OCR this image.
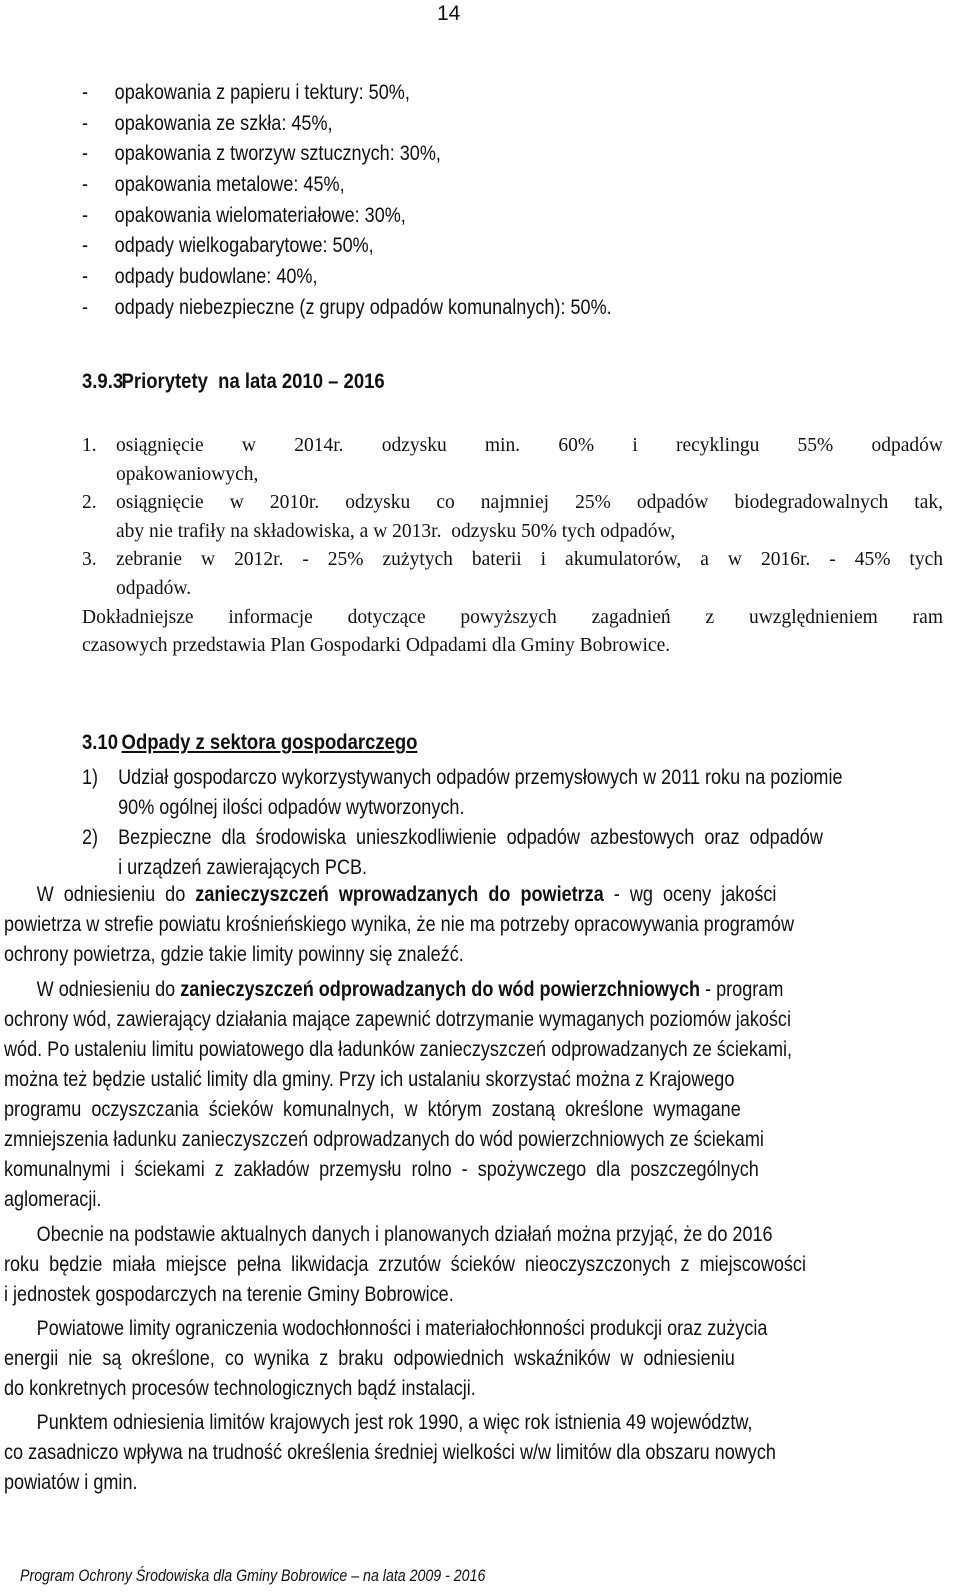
14
-	opakowania z papieru i tektury: 50%,
-	opakowania ze szkła: 45%,
-	opakowania z tworzyw sztucznych: 30%,
-	opakowania metalowe: 45%,
-	opakowania wielomateriałowe: 30%,
-	odpady wielkogabarytowe: 50%,
-	odpady budowlane: 40%,
-	odpady niebezpieczne (z grupy odpadów komunalnych): 50%.
3.9.3Priorytety  na lata 2010 – 2016
1. osiągnięcie w 2014r. odzysku min. 60% i recyklingu 55% odpadów
opakowaniowych,
2. osiągnięcie w 2010r. odzysku co najmniej 25% odpadów biodegradowalnych tak,
aby nie trafiły na składowiska, a w 2013r.  odzysku 50% tych odpadów,
3. zebranie w 2012r. - 25% zużytych baterii i akumulatorów, a w 2016r. - 45% tych
odpadów.
Dokładniejsze informacje dotyczące powyższych zagadnień z uwzględnieniem ram
czasowych przedstawia Plan Gospodarki Odpadami dla Gminy Bobrowice.
3.10 Odpady z sektora gospodarczego
1) Udział gospodarczo wykorzystywanych odpadów przemysłowych w 2011 roku na poziomie
90% ogólnej ilości odpadów wytworzonych.
2) Bezpieczne  dla  środowiska  unieszkodliwienie  odpadów  azbestowych  oraz  odpadów
i urządzeń zawierających PCB.
W  odniesieniu  do  zanieczyszczeń  wprowadzanych  do  powietrza  -  wg  oceny  jakości
powietrza w strefie powiatu krośnieńskiego wynika, że nie ma potrzeby opracowywania programów
ochrony powietrza, gdzie takie limity powinny się znaleźć.
W odniesieniu do zanieczyszczeń odprowadzanych do wód powierzchniowych - program
ochrony wód, zawierający działania mające zapewnić dotrzymanie wymaganych poziomów jakości
wód. Po ustaleniu limitu powiatowego dla ładunków zanieczyszczeń odprowadzanych ze ściekami,
można też będzie ustalić limity dla gminy. Przy ich ustalaniu skorzystać można z Krajowego
programu  oczyszczania  ścieków  komunalnych,  w  którym  zostaną  określone  wymagane
zmniejszenia ładunku zanieczyszczeń odprowadzanych do wód powierzchniowych ze ściekami
komunalnymi  i  ściekami  z  zakładów  przemysłu  rolno  -  spożywczego  dla  poszczególnych
aglomeracji.
Obecnie na podstawie aktualnych danych i planowanych działań można przyjąć, że do 2016
roku  będzie  miała  miejsce  pełna  likwidacja  zrzutów  ścieków  nieoczyszczonych  z  miejscowości
i jednostek gospodarczych na terenie Gminy Bobrowice.
Powiatowe limity ograniczenia wodochłonności i materiałochłonności produkcji oraz zużycia
energii  nie  są  określone,  co  wynika  z  braku  odpowiednich  wskaźników  w  odniesieniu
do konkretnych procesów technologicznych bądź instalacji.
Punktem odniesienia limitów krajowych jest rok 1990, a więc rok istnienia 49 województw,
co zasadniczo wpływa na trudność określenia średniej wielkości w/w limitów dla obszaru nowych
powiatów i gmin.
Program Ochrony Środowiska dla Gminy Bobrowice – na lata 2009 - 2016
